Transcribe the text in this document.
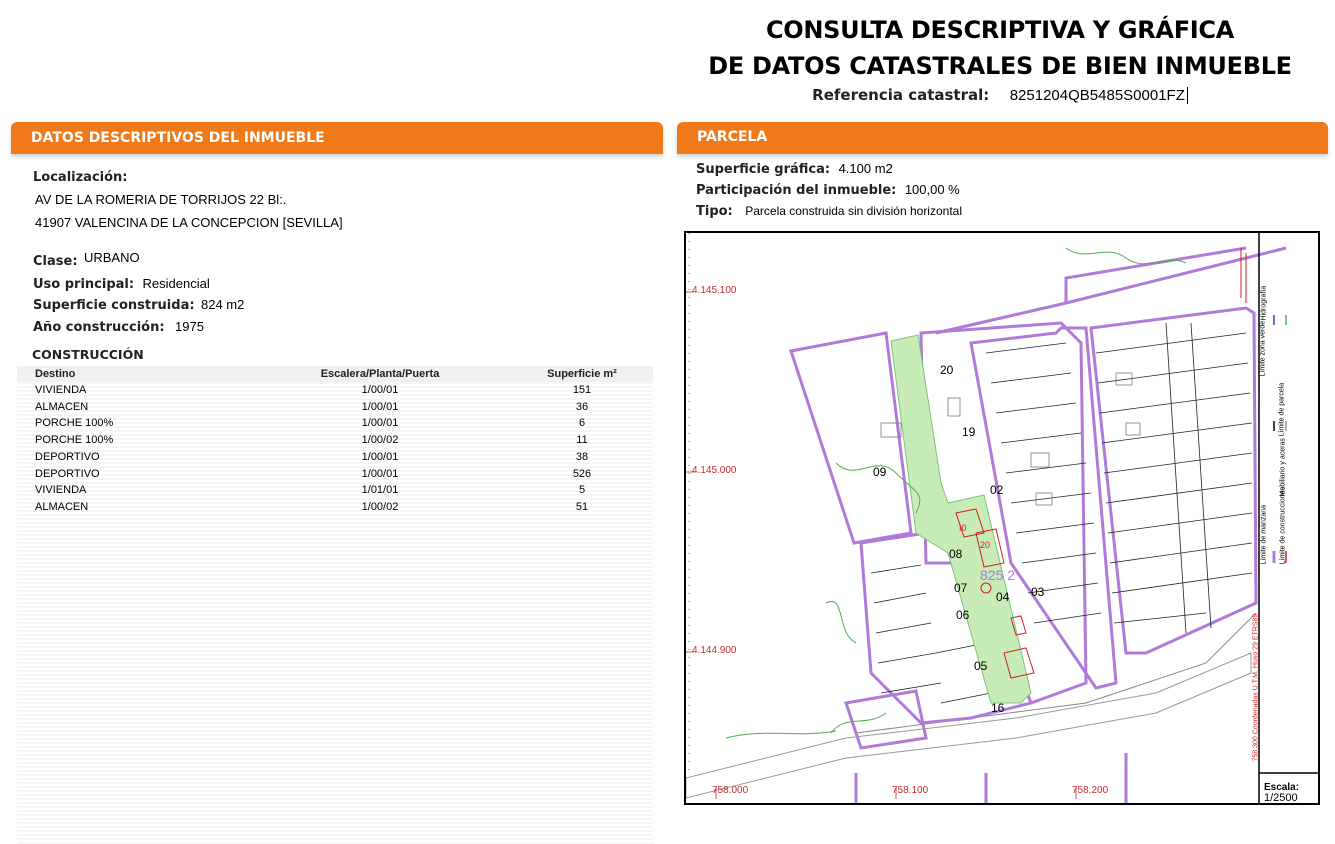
CONSULTA DESCRIPTIVA Y GRÁFICA
DE DATOS CATASTRALES DE BIEN INMUEBLE
Referencia catastral: 8251204QB5485S0001FZ
DATOS DESCRIPTIVOS DEL INMUEBLE
Localización:
AV DE LA ROMERIA DE TORRIJOS 22 Bl:.
41907 VALENCINA DE LA CONCEPCION [SEVILLA]
Clase: URBANO
Uso principal: Residencial
Superficie construida: 824 m2
Año construcción: 1975
CONSTRUCCIÓN
Destino	Escalera/Planta/Puerta	Superficie m²
VIVIENDA	1/00/01	151
ALMACEN	1/00/01	36
PORCHE 100%	1/00/01	6
PORCHE 100%	1/00/02	11
DEPORTIVO	1/00/01	38
DEPORTIVO	1/00/01	526
VIVIENDA	1/01/01	5
ALMACEN	1/00/02	51
PARCELA
Superficie gráfica: 4.100 m2
Participación del inmueble: 100,00 %
Tipo: Parcela construida sin división horizontal
4.145.100
4.145.000
4.144.900
758.000	758.100	758.200
20
19
09
02
08
07
04 03
06
05
16
825 2
I0
20
Hidrografía
Límite zona verde
Límite de parcela
Mobiliario y aceras
Límite de manzana Límite de construcciones
758.300 Coordenadas U.T.M. Huso 29 ETRS89
Escala:
1/2500
